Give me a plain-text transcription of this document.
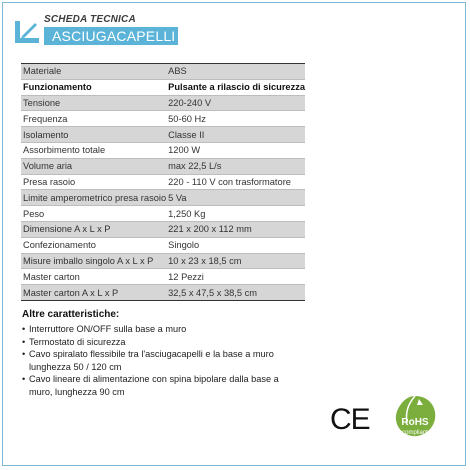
SCHEDA TECNICA
ASCIUGACAPELLI
Materiale	ABS
Funzionamento	Pulsante a rilascio di sicurezza
Tensione	220-240 V
Frequenza	50-60 Hz
Isolamento	Classe II
Assorbimento totale	1200 W
Volume aria	max 22,5 L/s
Presa rasoio	220 - 110 V con trasformatore
Limite amperometrico presa rasoio	5 Va
Peso	1,250 Kg
Dimensione A x L x P	221 x 200 x 112 mm
Confezionamento	Singolo
Misure imballo singolo A x L x P	10 x 23 x 18,5 cm
Master carton	12 Pezzi
Master carton A x L x P	32,5 x 47,5 x 38,5 cm
Altre caratteristiche:
• Interruttore ON/OFF sulla base a muro
• Termostato di sicurezza
• Cavo spiralato flessibile tra l'asciugacapelli e la base a muro lunghezza 50 / 120 cm
• Cavo lineare di alimentazione con spina bipolare dalla base a muro, lunghezza 90 cm
CE	RoHS
compliant
